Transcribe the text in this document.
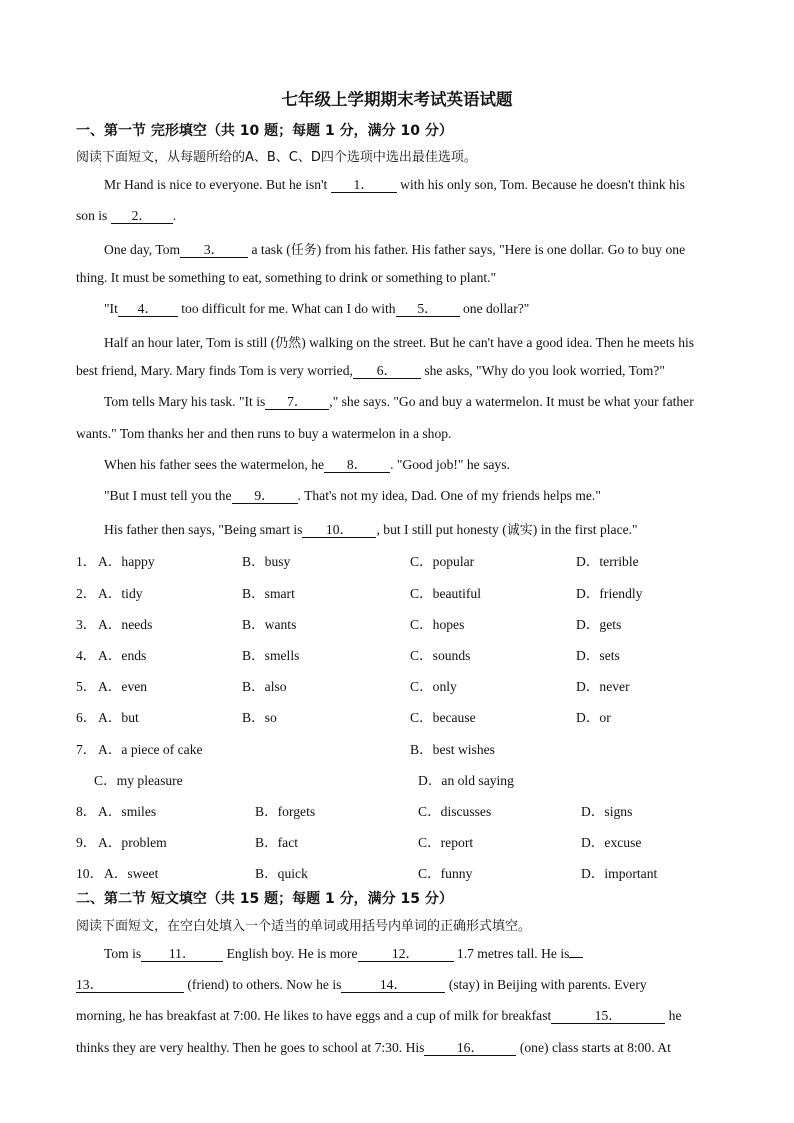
七年级上学期期末考试英语试题
一、第一节 完形填空（共 10 题；每题 1 分，满分 10 分）
阅读下面短文，从每题所给的A、B、C、D四个选项中选出最佳选项。
Mr Hand is nice to everyone. But he isn't 1． with his only son, Tom. Because he doesn't think his
son is 2． .
One day, Tom 3． a task (任务) from his father. His father says, "Here is one dollar. Go to buy one
thing. It must be something to eat, something to drink or something to plant."
"It 4． too difficult for me. What can I do with 5． one dollar?"
Half an hour later, Tom is still (仍然) walking on the street. But he can't have a good idea. Then he meets his
best friend, Mary. Mary finds Tom is very worried, 6． she asks, "Why do you look worried, Tom?"
Tom tells Mary his task. "It is 7． ," she says. "Go and buy a watermelon. It must be what your father
wants." Tom thanks her and then runs to buy a watermelon in a shop.
When his father sees the watermelon, he 8． . "Good job!" he says.
"But I must tell you the 9． . That's not my idea, Dad. One of my friends helps me."
His father then says, "Being smart is 10． , but I still put honesty (诚实) in the first place."
1． A．happy	B．busy	C．popular	D．terrible
2． A．tidy	B．smart	C．beautiful	D．friendly
3． A．needs	B．wants	C．hopes	D．gets
4． A．ends	B．smells	C．sounds	D．sets
5． A．even	B．also	C．only	D．never
6． A．but	B．so	C．because	D．or
7． A．a piece of cake	B．best wishes
C．my pleasure	D．an old saying
8． A．smiles	B．forgets	C．discusses	D．signs
9． A．problem	B．fact	C．report	D．excuse
10． A．sweet	B．quick	C．funny	D．important
二、第二节 短文填空（共 15 题；每题 1 分，满分 15 分）
阅读下面短文，在空白处填入一个适当的单词或用括号内单词的正确形式填空。
Tom is 11． English boy. He is more	12．	1.7 metres tall. He is
13．	(friend) to others. Now he is	14．	(stay) in Beijing with parents. Every
morning, he has breakfast at 7:00. He likes to have eggs and a cup of milk for breakfast	15．	he
thinks they are very healthy. Then he goes to school at 7:30. His 16．	(one) class starts at 8:00. At
